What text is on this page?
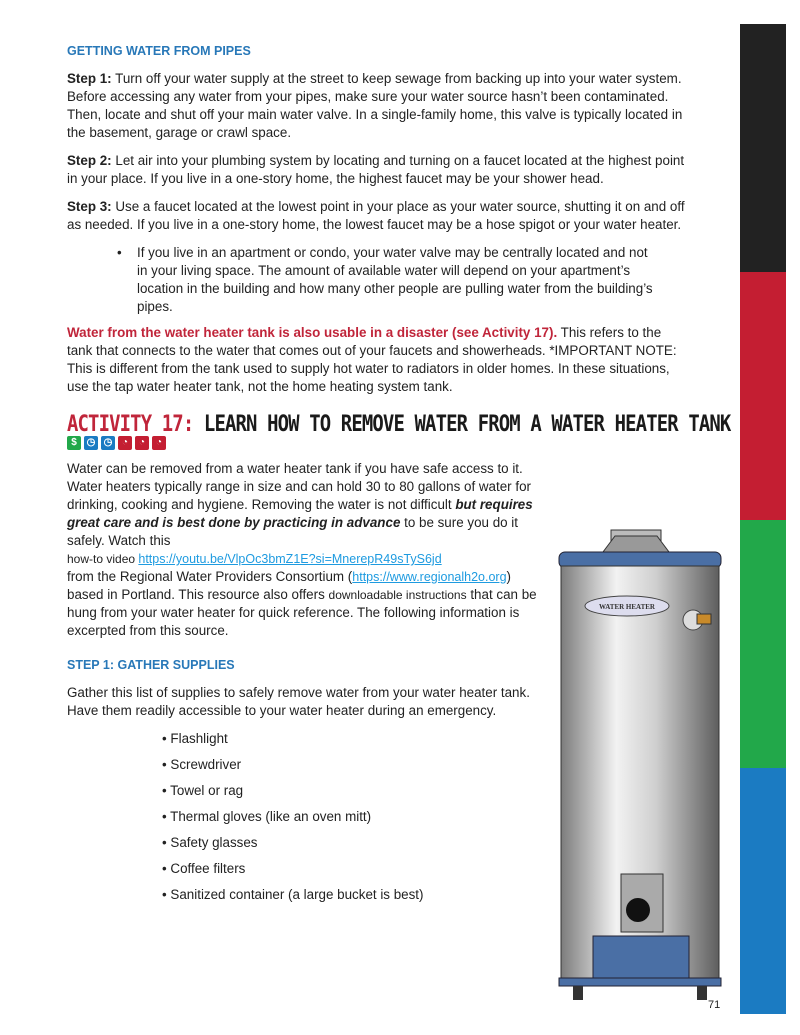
GETTING WATER FROM PIPES

Step 1: Turn off your water supply at the street to keep sewage from backing up into your water system. Before accessing any water from your pipes, make sure your water source hasn’t been contaminated. Then, locate and shut off your main water valve. In a single-family home, this valve is typically located in the basement, garage or crawl space.

Step 2: Let air into your plumbing system by locating and turning on a faucet located at the highest point in your place. If you live in a one-story home, the highest faucet may be your shower head.

Step 3: Use a faucet located at the lowest point in your place as your water source, shutting it on and off as needed. If you live in a one-story home, the lowest faucet may be a hose spigot or your water heater.

• If you live in an apartment or condo, your water valve may be centrally located and not in your living space. The amount of available water will depend on your apartment’s location in the building and how many other people are pulling water from the building’s pipes.

Water from the water heater tank is also usable in a disaster (see Activity 17). This refers to the tank that connects to the water that comes out of your faucets and showerheads. *IMPORTANT NOTE: This is different from the tank used to supply hot water to radiators in older homes. In these situations, use the tap water heater tank, not the home heating system tank.

ACTIVITY 17: LEARN HOW TO REMOVE WATER FROM A WATER HEATER TANK
$ ◷ ◷ ◔	◔	◔

Water can be removed from a water heater tank if you have safe access to it. Water heaters typically range in size and can hold 30 to 80 gallons of water for drinking, cooking and hygiene. Removing the water is not difficult but requires great care and is best done by practicing in advance to be sure you do it safely. Watch this
how-to video https://youtu.be/VlpOc3bmZ1E?si=MnerepR49sTyS6jd
from the Regional Water Providers Consortium (https://www.regionalh2o.org)
based in Portland. This resource also offers downloadable instructions that can be hung from your water heater for quick reference. The following information is excerpted from this source.

STEP 1: GATHER SUPPLIES

Gather this list of supplies to safely remove water from your water heater tank. Have them readily accessible to your water heater during an emergency.

• Flashlight
• Screwdriver
• Towel or rag
• Thermal gloves (like an oven mitt)
• Safety glasses
• Coffee filters
• Sanitized container (a large bucket is best)
WATER HEATER
71
